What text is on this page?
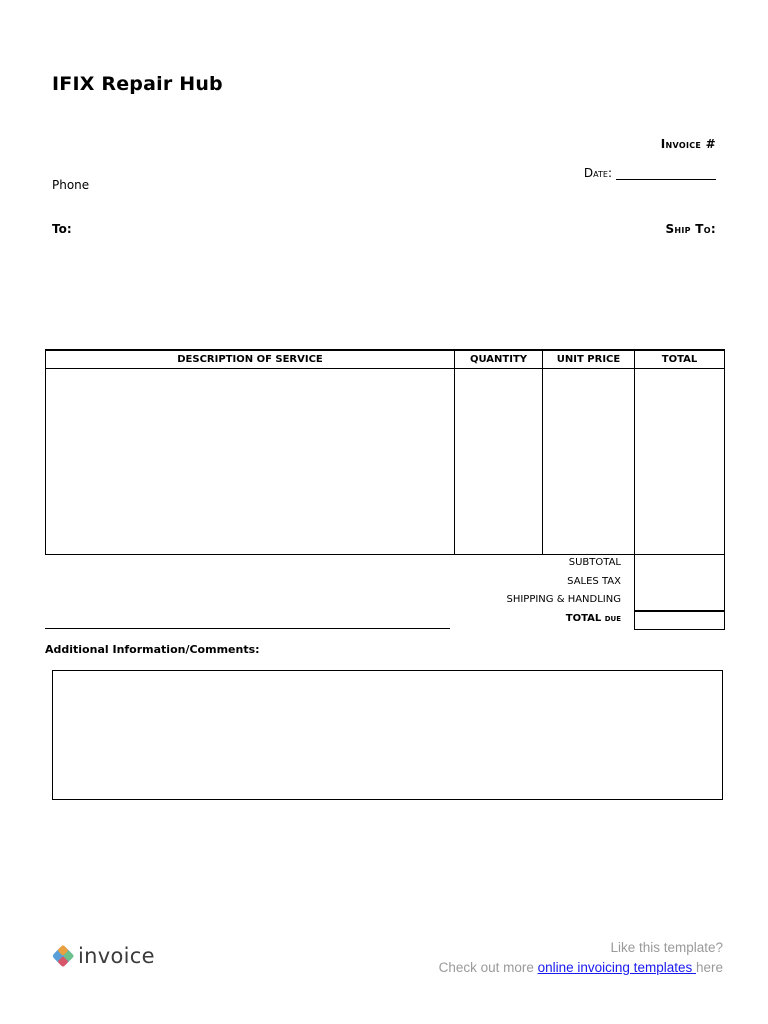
IFIX Repair Hub
Invoice #
Date:
Phone
To:	Ship To:
DESCRIPTION OF SERVICE	QUANTITY	UNIT PRICE	TOTAL

SUBTOTAL
SALES TAX
SHIPPING & HANDLING
TOTAL due
Additional Information/Comments:
invoice	Like this template?
Check out more online invoicing templates here
